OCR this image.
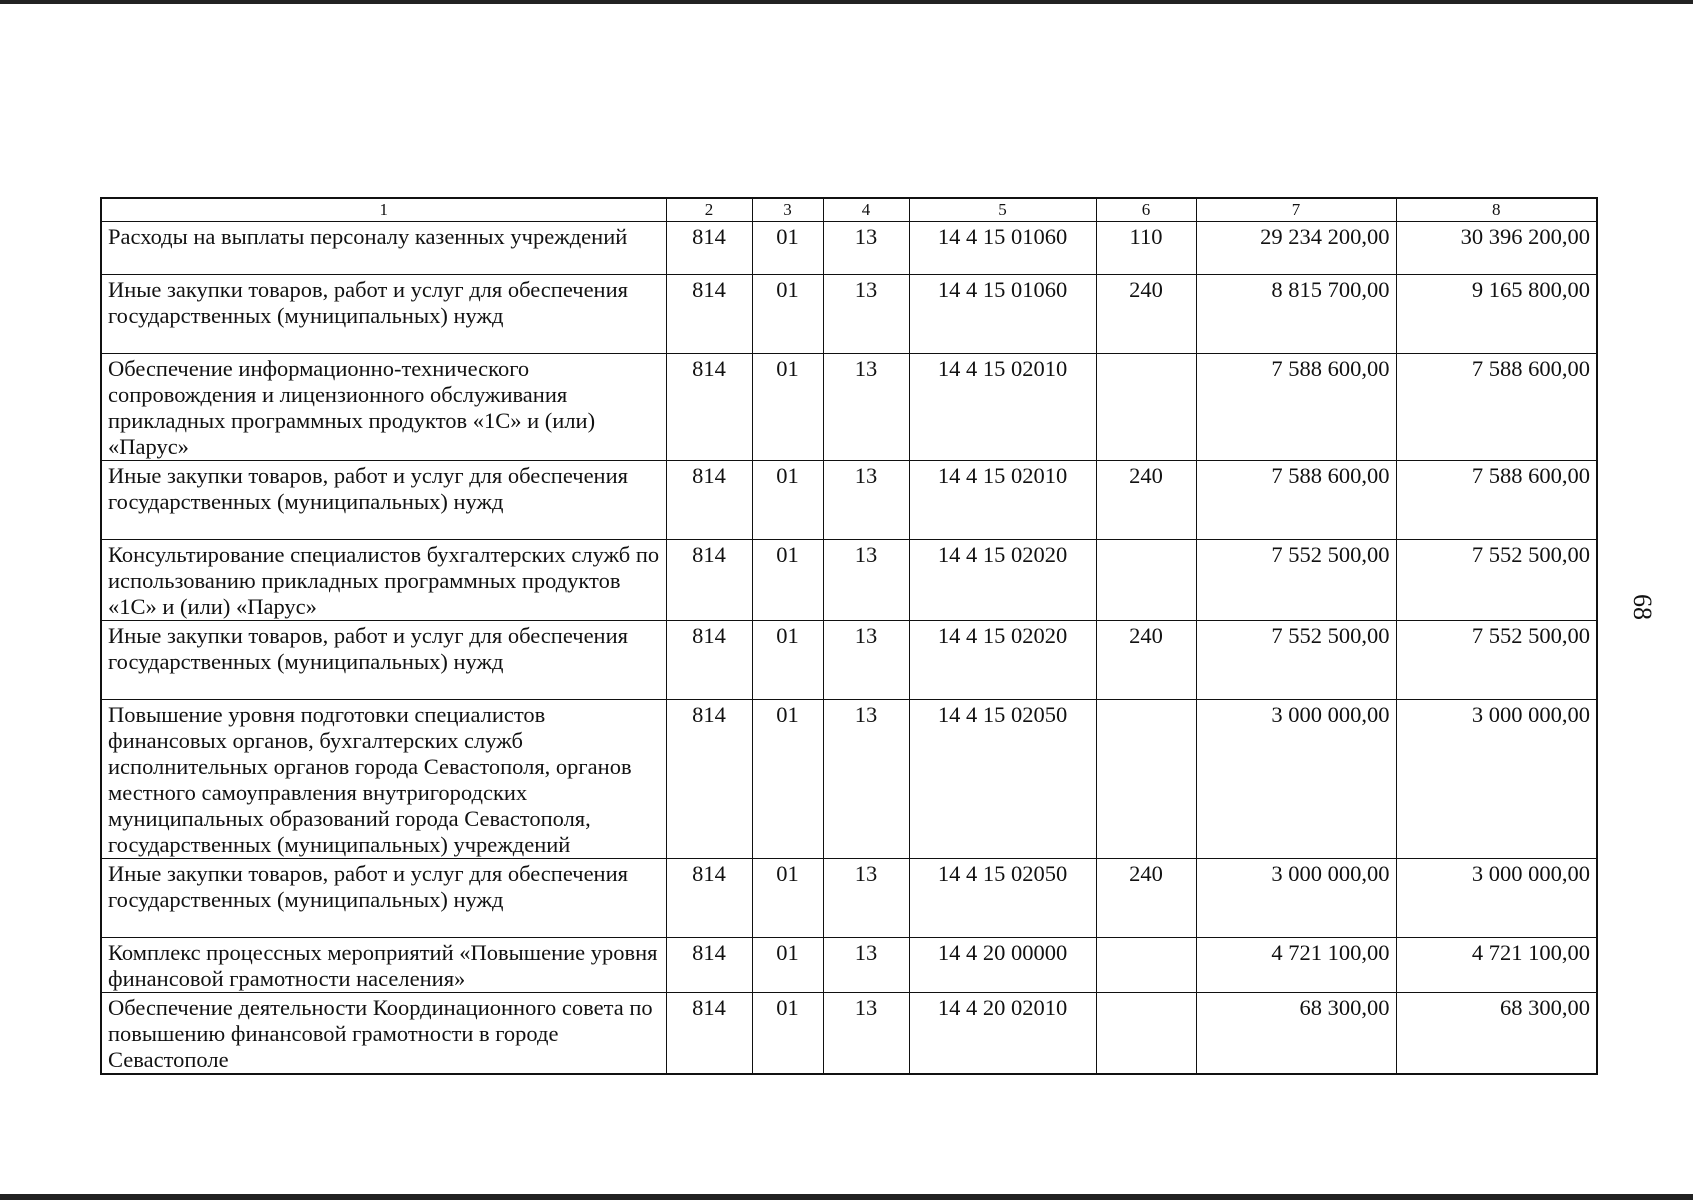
1	2	3	4	5	6	7	8
Расходы на выплаты персоналу казенных учреждений	814	01	13	14 4 15 01060	110	29 234 200,00	30 396 200,00
Иные закупки товаров, работ и услуг для обеспечения государственных (муниципальных) нужд	814	01	13	14 4 15 01060	240	8 815 700,00	9 165 800,00
Обеспечение информационно-технического сопровождения и лицензионного обслуживания прикладных программных продуктов «1С» и (или) «Парус»	814	01	13	14 4 15 02010		7 588 600,00	7 588 600,00
Иные закупки товаров, работ и услуг для обеспечения государственных (муниципальных) нужд	814	01	13	14 4 15 02010	240	7 588 600,00	7 588 600,00
Консультирование специалистов бухгалтерских служб по использованию прикладных программных продуктов «1С» и (или) «Парус»	814	01	13	14 4 15 02020		7 552 500,00	7 552 500,00
Иные закупки товаров, работ и услуг для обеспечения государственных (муниципальных) нужд	814	01	13	14 4 15 02020	240	7 552 500,00	7 552 500,00
Повышение уровня подготовки специалистов финансовых органов, бухгалтерских служб исполнительных органов города Севастополя, органов местного самоуправления внутригородских муниципальных образований города Севастополя, государственных (муниципальных) учреждений	814	01	13	14 4 15 02050		3 000 000,00	3 000 000,00
Иные закупки товаров, работ и услуг для обеспечения государственных (муниципальных) нужд	814	01	13	14 4 15 02050	240	3 000 000,00	3 000 000,00
Комплекс процессных мероприятий «Повышение уровня финансовой грамотности населения»	814	01	13	14 4 20 00000		4 721 100,00	4 721 100,00
Обеспечение деятельности Координационного совета по повышению финансовой грамотности в городе Севастополе	814	01	13	14 4 20 02010		68 300,00	68 300,00
68
